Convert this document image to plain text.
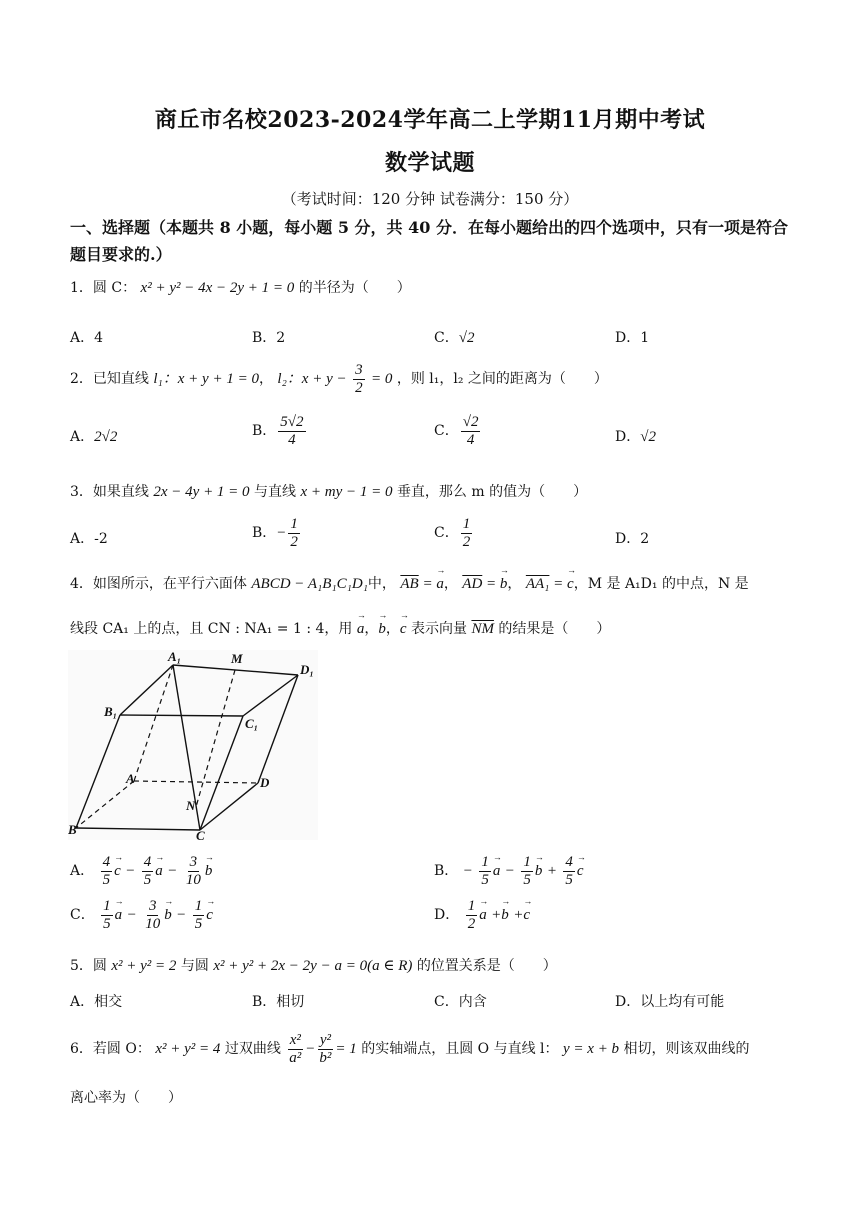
商丘市名校2023-2024学年高二上学期11月期中考试
数学试题
（考试时间：120 分钟 试卷满分：150 分）
一、选择题（本题共 8 小题，每小题 5 分，共 40 分．在每小题给出的四个选项中，只有一项是符合题目要求的.）
1．圆 C： x² + y² − 4x − 2y + 1 = 0 的半径为（　　）
A．4	B．2	C．√2	D．1
2．已知直线 l₁：x + y + 1 = 0， l₂：$x + y - \frac{3}{2} = 0$ ，则 l₁，l₂ 之间的距离为（　　）
A．2√2	B． $\frac{5√2}{4}$	C． $\frac{√2}{4}$	D．√2
3．如果直线 2x − 4y + 1 = 0 与直线 x + my − 1 = 0 垂直，那么 m 的值为（　　）
A．-2	B．− $\frac{1}{2}$	C． $\frac{1}{2}$	D．2
4．如图所示，在平行六面体 ABCD − A₁B₁C₁D₁中， $\overline{AB} = a$ →， $\overline{AD} = b$ →， AA₁ = c →，M 是 A₁D₁ 的中点，N 是
线段 CA₁ 上的点，且 CN : NA₁ = 1 : 4，用 a →，b →，c → 表示向量 $\overline{NM}$ 的结果是（　　）
A₁	M
D₁
B₁
C₁
A	D
N
B	C
A． $\frac{4}{5}$ c → − $\frac{4}{5}$ a → − $\frac{3}{10}$ b →	B． − $\frac{1}{5}$ a → − $\frac{1}{5}$ b → + $\frac{4}{5}$ c →
C． $\frac{1}{5}$ a → − $\frac{3}{10}$ b → − $\frac{1}{5}$ c →	D． $\frac{1}{2}$ a → +b → +c →
5．圆 x² + y² = 2 与圆 x² + y² + 2x − 2y − a = 0(a ∈ R) 的位置关系是（　　）
A．相交	B．相切	C．内含	D．以上均有可能
6．若圆 O： x² + y² = 4 过双曲线 $\frac{\text{x²}}{\text{a²}} - \frac{\text{y²}}{\text{b²}} = 1$ 的实轴端点，且圆 O 与直线 l： y = x + b 相切，则该双曲线的
离心率为（　　）
